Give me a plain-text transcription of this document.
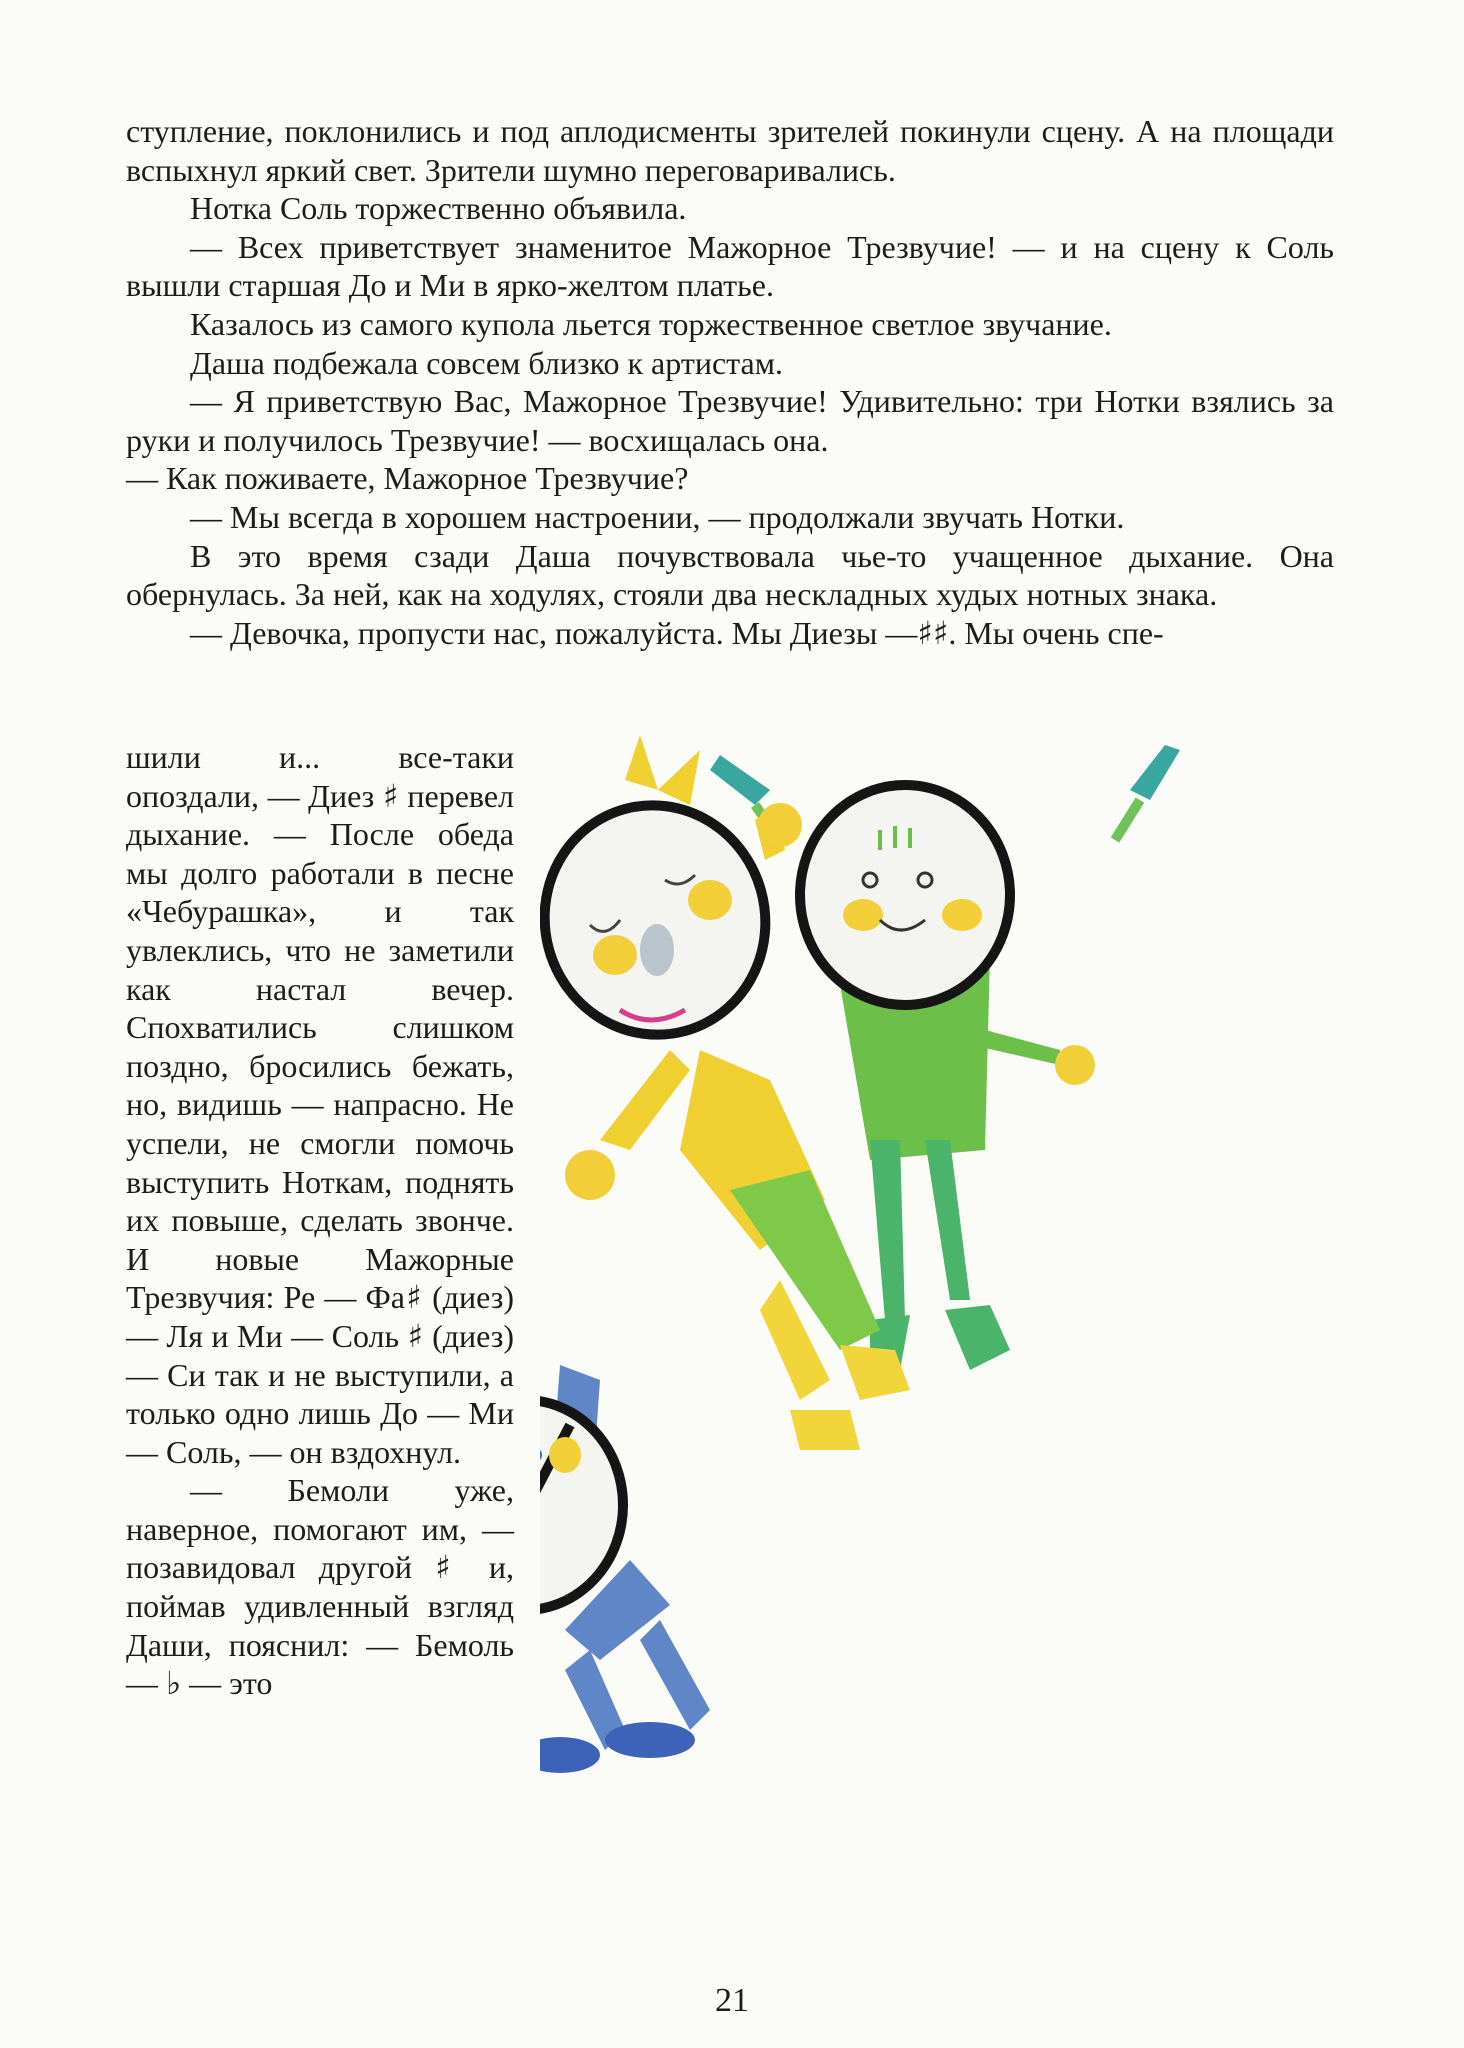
ступление, поклонились и под аплодисменты зрителей покинули сцену. А на площади вспыхнул яркий свет. Зрители шумно переговаривались.

Нотка Соль торжественно объявила.

— Всех приветствует знаменитое Мажорное Трезвучие! — и на сцену к Соль вышли старшая До и Ми в ярко-желтом платье.

Казалось из самого купола льется торжественное светлое звучание.

Даша подбежала совсем близко к артистам.

— Я приветствую Вас, Мажорное Трезвучие! Удивительно: три Нотки взялись за руки и получилось Трезвучие! — восхищалась она.

— Как поживаете, Мажорное Трезвучие?

— Мы всегда в хорошем настроении, — продолжали звучать Нотки.

В это время сзади Даша почувствовала чье-то учащенное дыхание. Она обернулась. За ней, как на ходулях, стояли два нескладных худых нотных знака.

— Девочка, пропусти нас, пожалуйста. Мы Диезы —♯♯. Мы очень спе-

шили и... все-таки опоздали, — Диез ♯ перевел дыхание. — После обеда мы долго работали в песне «Чебурашка», и так увлеклись, что не заметили как настал вечер. Спохватились слишком поздно, бросились бежать, но, видишь — напрасно. Не успели, не смогли помочь выступить Ноткам, поднять их повыше, сделать звонче. И новые Мажорные Трезвучия: Ре — Фа♯ (диез) — Ля и Ми — Соль ♯ (диез) — Си так и не выступили, а только одно лишь До — Ми — Соль, — он вздохнул.

— Бемоли уже, наверное, помогают им, — позавидовал другой ♯ и, поймав удивленный взгляд Даши, пояснил: — Бемоль — ♭ — это

21
